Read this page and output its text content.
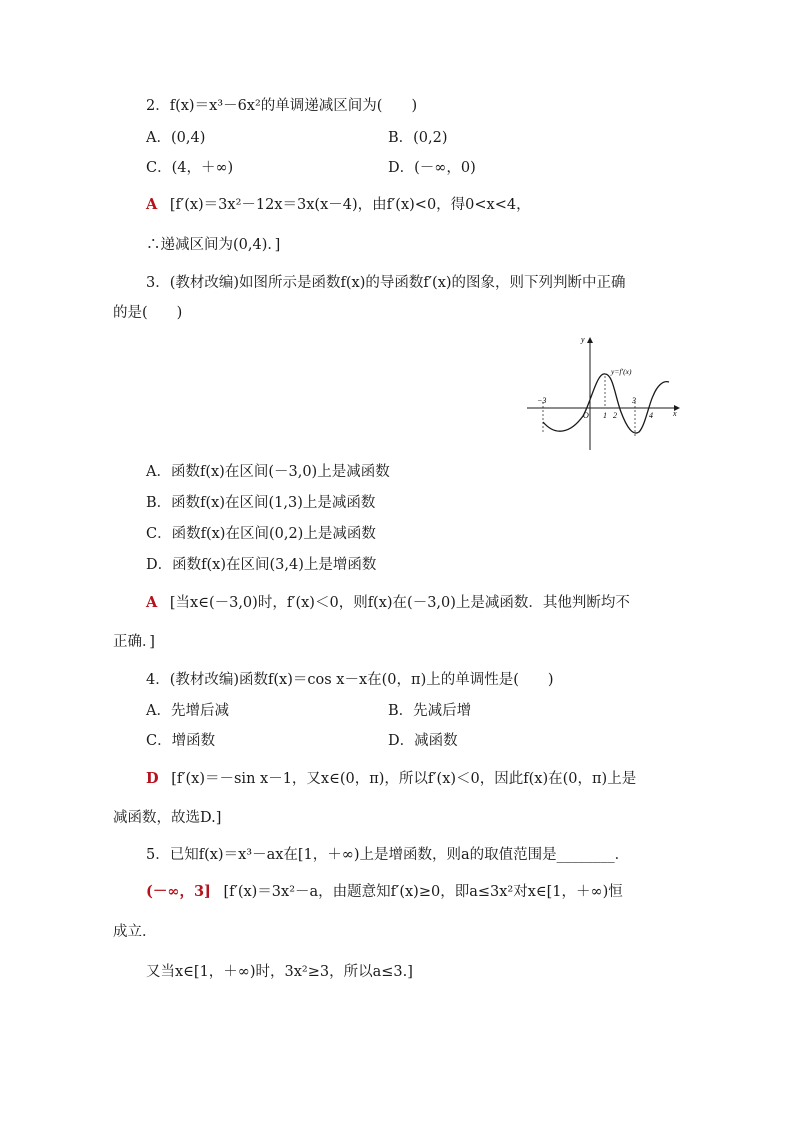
2．f(x)＝x³－6x²的单调递减区间为(　　)
A．(0,4)	B．(0,2)
C．(4，＋∞)	D．(－∞，0)
A [f′(x)＝3x²－12x＝3x(x－4)，由f′(x)<0，得0<x<4，
∴递减区间为(0,4)．]
3．(教材改编)如图所示是函数f(x)的导函数f′(x)的图象，则下列判断中正确
的是(　　)
y
x
O
y=f′(x)
−3
1 2
3
4
A．函数f(x)在区间(－3,0)上是减函数
B．函数f(x)在区间(1,3)上是减函数
C．函数f(x)在区间(0,2)上是减函数
D．函数f(x)在区间(3,4)上是增函数
A [当x∈(－3,0)时，f′(x)＜0，则f(x)在(－3,0)上是减函数．其他判断均不
正确．]
4．(教材改编)函数f(x)＝cos x－x在(0，π)上的单调性是(　　)
A．先增后减	B．先减后增
C．增函数	D．减函数
D [f′(x)＝－sin x－1，又x∈(0，π)，所以f′(x)＜0，因此f(x)在(0，π)上是
减函数，故选D.]
5．已知f(x)＝x³－ax在[1，＋∞)上是增函数，则a的取值范围是________．
(－∞，3] [f′(x)＝3x²－a，由题意知f′(x)≥0，即a≤3x²对x∈[1，＋∞)恒
成立．
又当x∈[1，＋∞)时，3x²≥3，所以a≤3.]
